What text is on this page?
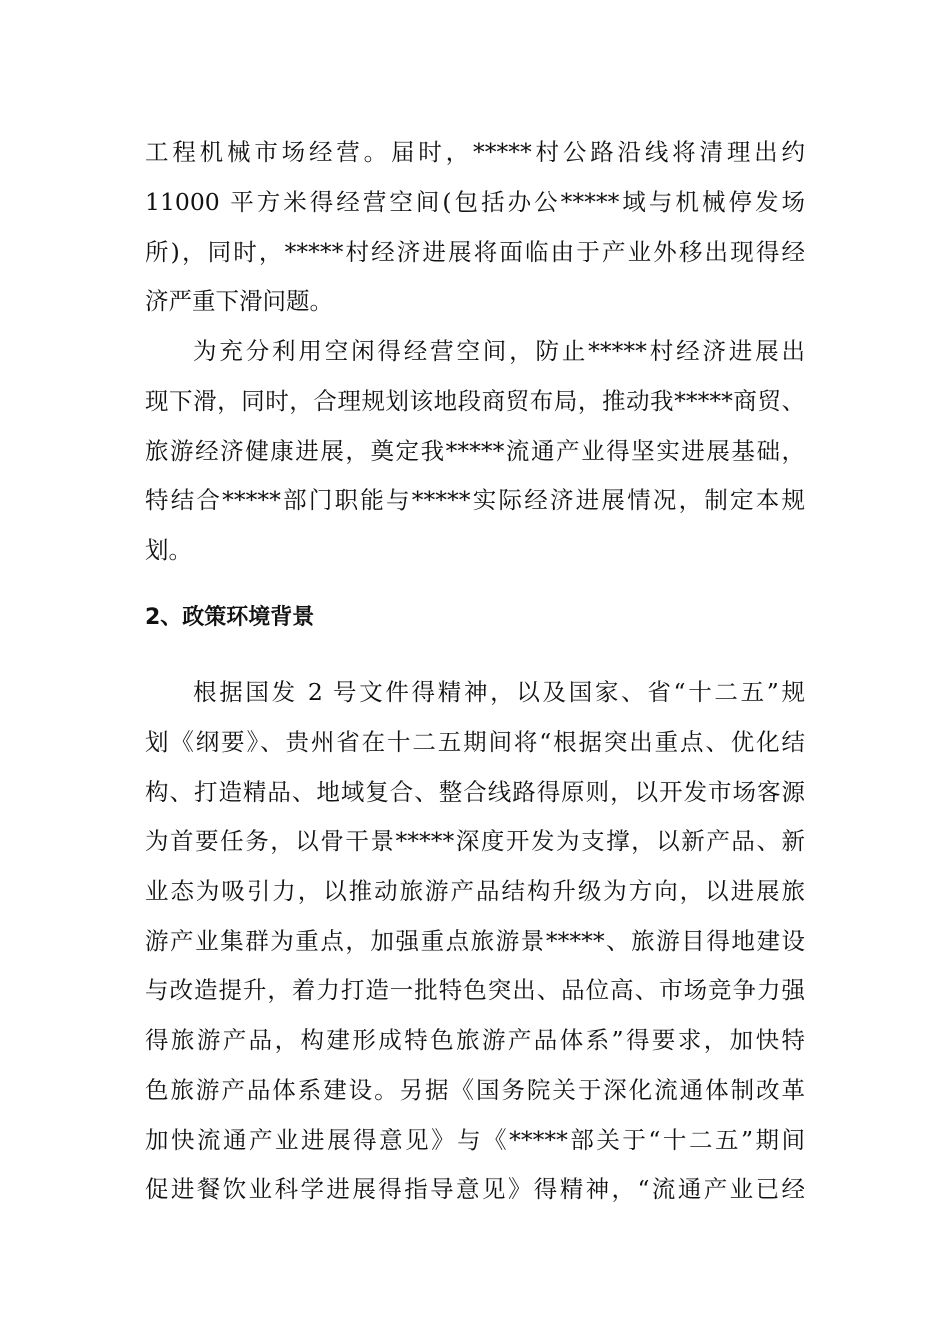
工程机械市场经营。届时，*****村公路沿线将清理出约
11000 平方米得经营空间(包括办公*****域与机械停发场
所)，同时，*****村经济进展将面临由于产业外移出现得经
济严重下滑问题。
为充分利用空闲得经营空间，防止*****村经济进展出
现下滑，同时，合理规划该地段商贸布局，推动我*****商贸、
旅游经济健康进展，奠定我*****流通产业得坚实进展基础，
特结合*****部门职能与*****实际经济进展情况，制定本规
划。
2、政策环境背景
根据国发 2 号文件得精神，以及国家、省“十二五”规
划《纲要》、贵州省在十二五期间将“根据突出重点、优化结
构、打造精品、地域复合、整合线路得原则，以开发市场客源
为首要任务，以骨干景*****深度开发为支撑，以新产品、新
业态为吸引力，以推动旅游产品结构升级为方向，以进展旅
游产业集群为重点，加强重点旅游景*****、旅游目得地建设
与改造提升，着力打造一批特色突出、品位高、市场竞争力强
得旅游产品，构建形成特色旅游产品体系”得要求，加快特
色旅游产品体系建设。另据《国务院关于深化流通体制改革
加快流通产业进展得意见》与《*****部关于“十二五”期间
促进餐饮业科学进展得指导意见》得精神，“流通产业已经
